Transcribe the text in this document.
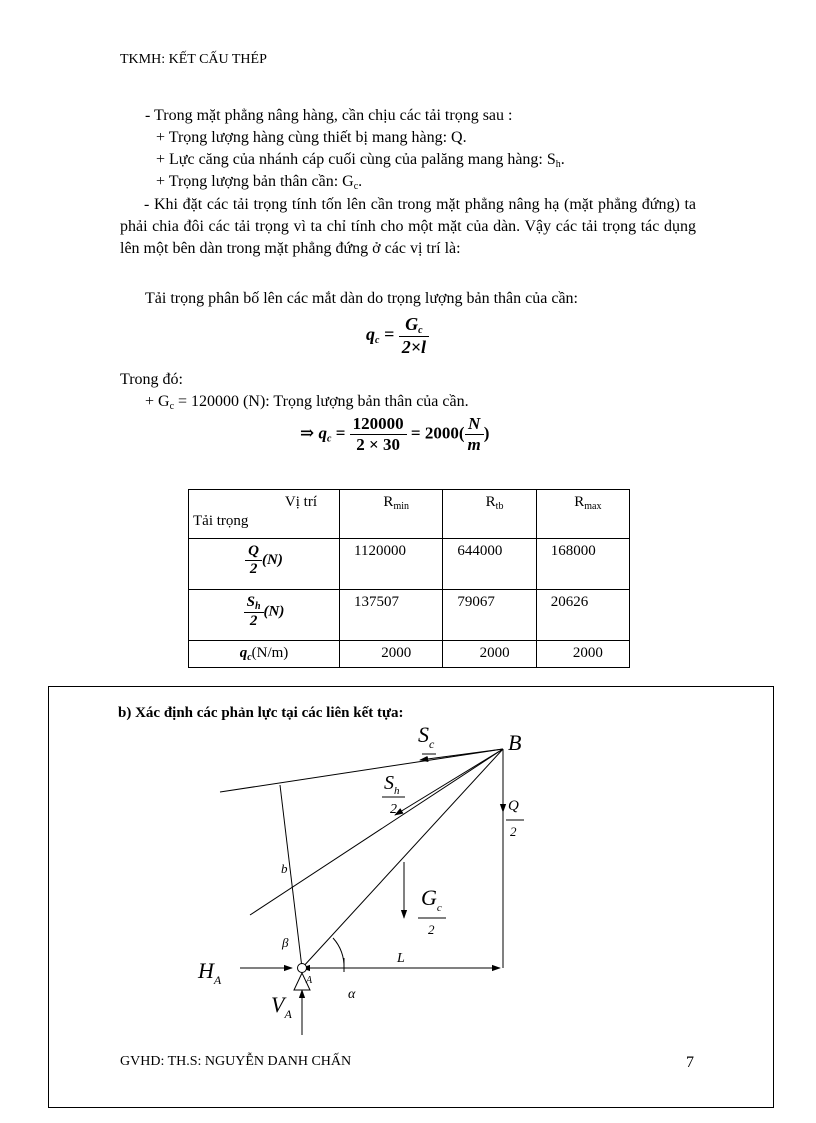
TKMH: KẾT CẤU THÉP
- Trong mặt phẳng nâng hàng, cần chịu các tải trọng sau :
+ Trọng lượng hàng cùng thiết bị mang hàng: Q.
+ Lực căng của nhánh cáp cuối cùng của palăng mang hàng: $S_h$.
+ Trọng lượng bản thân cần: $G_c$.
- Khi đặt các tải trọng tính tốn lên cần trong mặt phẳng nâng hạ (mặt phẳng đứng) ta phải chia đôi các tải trọng vì ta chỉ tính cho một mặt của dàn. Vậy các tải trọng tác dụng lên một bên dàn trong mặt phẳng đứng ở các vị trí là:
Tải trọng phân bố lên các mắt dàn do trọng lượng bản thân của cần:
$q_c = \frac{G_c}{2\times l}$
Trong đó:
+ $G_c = 120000$ (N): Trọng lượng bản thân của cần.
⇒ $q_c = \frac{120000}{2 \times 30} = 2000( \frac{N}{m}$ )
Vị trí
Tải trọng	$R_{min}$	$R_{tb}$	$R_{max}$

$\frac{Q}{2} (N)$	1120000	644000	168000

$\frac{S_h}{2} (N)$	137507	79067	20626
$q_c(N/m)$	2000	2000	2000
b) Xác định các phản lực tại các liên kết tựa:
$S_c$	B
$S_h$
2	Q
2
$G_c$
2
b
β
L
$H_A$
$V_A$
A
α
GVHD: TH.S: NGUYỄN DANH CHẤN	7
